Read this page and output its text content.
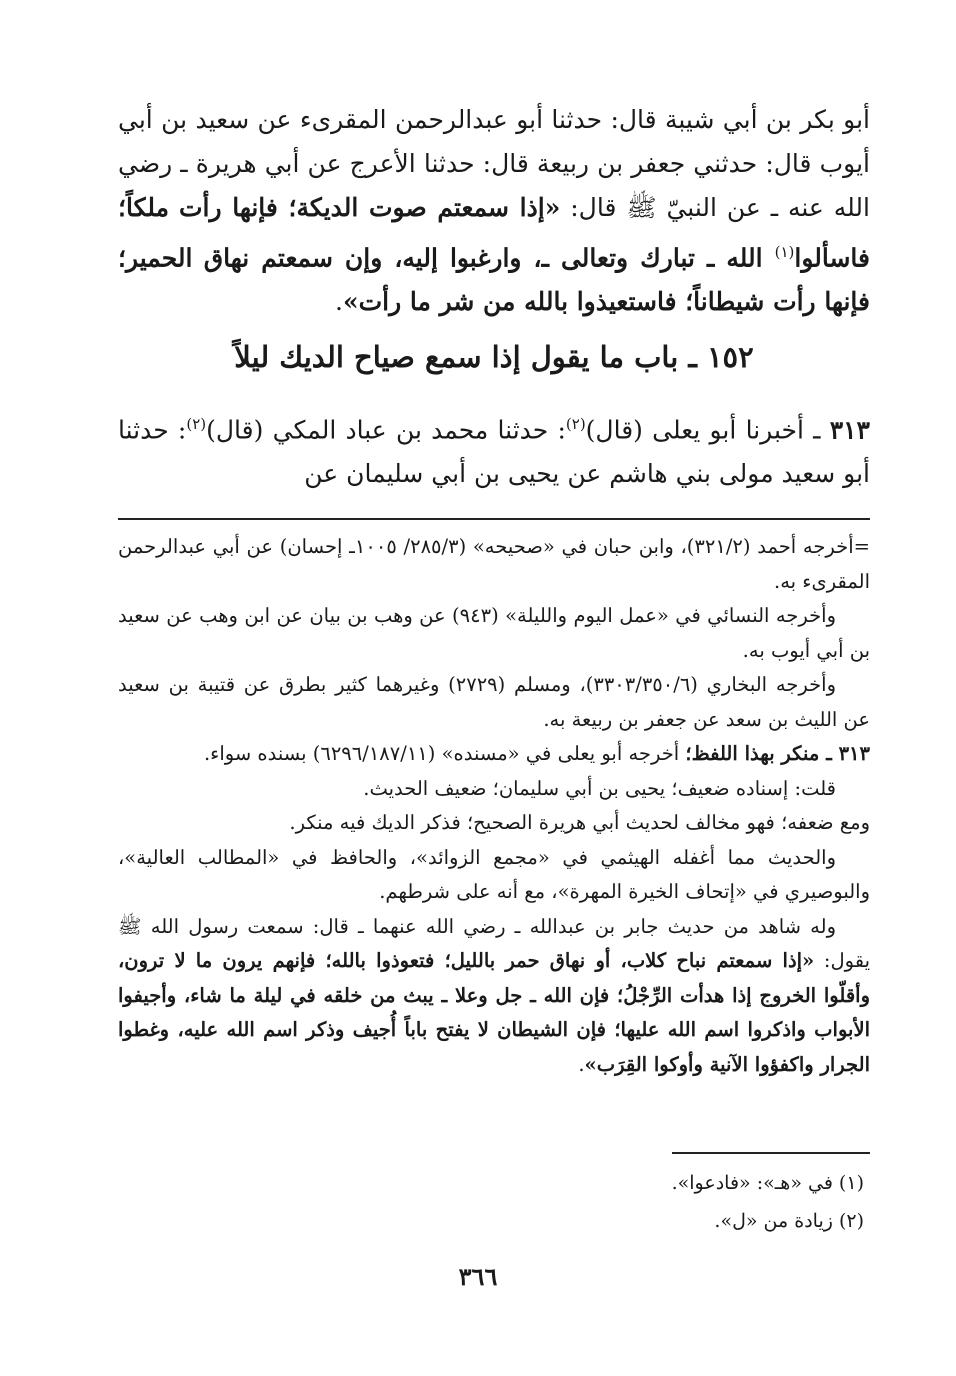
أبو بكر بن أبي شيبة قال: حدثنا أبو عبدالرحمن المقرىء عن سعيد بن أبي أيوب قال: حدثني جعفر بن ربيعة قال: حدثنا الأعرج عن أبي هريرة ـ رضي الله عنه ـ عن النبيّ ﷺ قال: «إذا سمعتم صوت الديكة؛ فإنها رأت ملكاً؛ فاسألوا$^{(١)}$ الله ـ تبارك وتعالى ـ، وارغبوا إليه، وإن سمعتم نهاق الحمير؛ فإنها رأت شيطاناً؛ فاستعيذوا بالله من شر ما رأت».
١٥٢ ـ باب ما يقول إذا سمع صياح الديك ليلاً
٣١٣ ـ أخبرنا أبو يعلى (قال)$^{(٢)}$: حدثنا محمد بن عباد المكي (قال)$^{(٢)}$: حدثنا أبو سعيد مولى بني هاشم عن يحيى بن أبي سليمان عن

=أخرجه أحمد (٣٢١/٢)، وابن حبان في «صحيحه» (٢٨٥/٣/ ١٠٠٥ـ إحسان) عن أبي عبدالرحمن المقرىء به.

وأخرجه النسائي في «عمل اليوم والليلة» (٩٤٣) عن وهب بن بيان عن ابن وهب عن سعيد بن أبي أيوب به.

وأخرجه البخاري (٣٣٠٣/٣٥٠/٦)، ومسلم (٢٧٢٩) وغيرهما كثير بطرق عن قتيبة بن سعيد عن الليث بن سعد عن جعفر بن ربيعة به.

٣١٣ ـ منكر بهذا اللفظ؛ أخرجه أبو يعلى في «مسنده» (٦٢٩٦/١٨٧/١١) بسنده سواء.

قلت: إسناده ضعيف؛ يحيى بن أبي سليمان؛ ضعيف الحديث.

ومع ضعفه؛ فهو مخالف لحديث أبي هريرة الصحيح؛ فذكر الديك فيه منكر.

والحديث مما أغفله الهيثمي في «مجمع الزوائد»، والحافظ في «المطالب العالية»، والبوصيري في «إتحاف الخيرة المهرة»، مع أنه على شرطهم.

وله شاهد من حديث جابر بن عبدالله ـ رضي الله عنهما ـ قال: سمعت رسول الله ﷺ يقول: «إذا سمعتم نباح كلاب، أو نهاق حمر بالليل؛ فتعوذوا بالله؛ فإنهم يرون ما لا ترون، وأقلّوا الخروج إذا هدأت الرِّجْلُ؛ فإن الله ـ جل وعلا ـ يبث من خلقه في ليلة ما شاء، وأجيفوا الأبواب واذكروا اسم الله عليها؛ فإن الشيطان لا يفتح باباً أُجيف وذكر اسم الله عليه، وغطوا الجرار واكفؤوا الآنية وأوكوا القِرَب».

(١) في «هـ»: «فادعوا».

(٢) زيادة من «ل».

٣٦٦
